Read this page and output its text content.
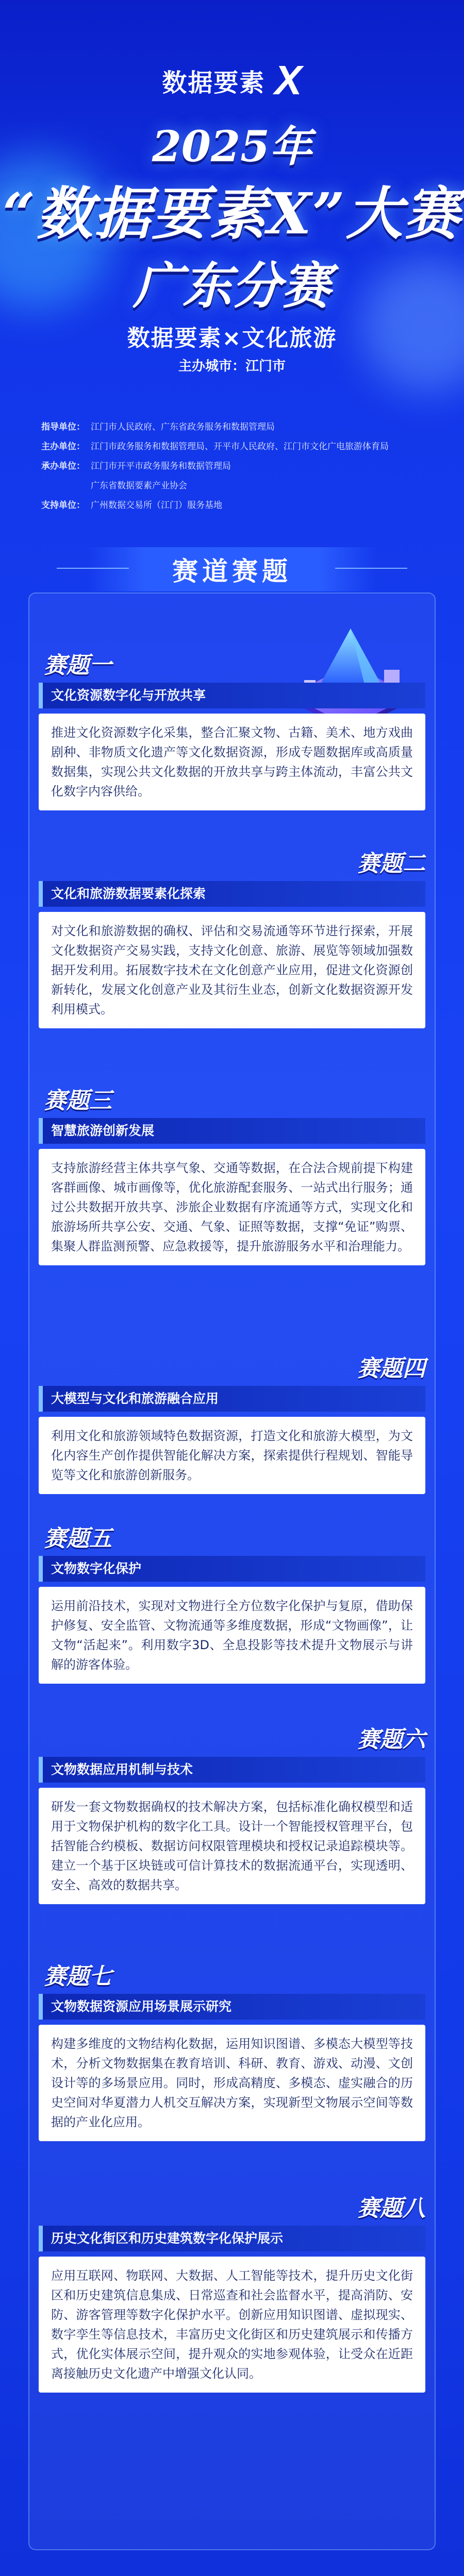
数据要素 X
2025年
“数据要素X”大赛
广东分赛
数据要素×文化旅游
主办城市：江门市
指导单位： 江门市人民政府、广东省政务服务和数据管理局
主办单位： 江门市政务服务和数据管理局、开平市人民政府、江门市文化广电旅游体育局
承办单位： 江门市开平市政务服务和数据管理局
广东省数据要素产业协会
支持单位： 广州数据交易所（江门）服务基地
赛道赛题
赛题一
文化资源数字化与开放共享
推进文化资源数字化采集，整合汇聚文物、古籍、美术、地方戏曲剧种、非物质文化遗产等文化数据资源，形成专题数据库或高质量数据集，实现公共文化数据的开放共享与跨主体流动，丰富公共文化数字内容供给。
赛题二
文化和旅游数据要素化探索
对文化和旅游数据的确权、评估和交易流通等环节进行探索，开展文化数据资产交易实践，支持文化创意、旅游、展览等领域加强数据开发利用。拓展数字技术在文化创意产业应用，促进文化资源创新转化，发展文化创意产业及其衍生业态，创新文化数据资源开发利用模式。
赛题三
智慧旅游创新发展
支持旅游经营主体共享气象、交通等数据，在合法合规前提下构建客群画像、城市画像等，优化旅游配套服务、一站式出行服务；通过公共数据开放共享、涉旅企业数据有序流通等方式，实现文化和旅游场所共享公安、交通、气象、证照等数据，支撑“免证”购票、集聚人群监测预警、应急救援等，提升旅游服务水平和治理能力。
赛题四
大模型与文化和旅游融合应用
利用文化和旅游领域特色数据资源，打造文化和旅游大模型，为文化内容生产创作提供智能化解决方案，探索提供行程规划、智能导览等文化和旅游创新服务。
赛题五
文物数字化保护
运用前沿技术，实现对文物进行全方位数字化保护与复原，借助保护修复、安全监管、文物流通等多维度数据，形成“文物画像”，让文物“活起来”。利用数字3D、全息投影等技术提升文物展示与讲解的游客体验。
赛题六
文物数据应用机制与技术
研发一套文物数据确权的技术解决方案，包括标准化确权模型和适用于文物保护机构的数字化工具。设计一个智能授权管理平台，包括智能合约模板、数据访问权限管理模块和授权记录追踪模块等。建立一个基于区块链或可信计算技术的数据流通平台，实现透明、安全、高效的数据共享。
赛题七
文物数据资源应用场景展示研究
构建多维度的文物结构化数据，运用知识图谱、多模态大模型等技术，分析文物数据集在教育培训、科研、教育、游戏、动漫、文创设计等的多场景应用。同时，形成高精度、多模态、虚实融合的历史空间对华夏潜力人机交互解决方案，实现新型文物展示空间等数据的产业化应用。
赛题八
历史文化街区和历史建筑数字化保护展示
应用互联网、物联网、大数据、人工智能等技术，提升历史文化街区和历史建筑信息集成、日常巡查和社会监督水平，提高消防、安防、游客管理等数字化保护水平。创新应用知识图谱、虚拟现实、数字孪生等信息技术，丰富历史文化街区和历史建筑展示和传播方式，优化实体展示空间，提升观众的实地参观体验，让受众在近距离接触历史文化遗产中增强文化认同。
